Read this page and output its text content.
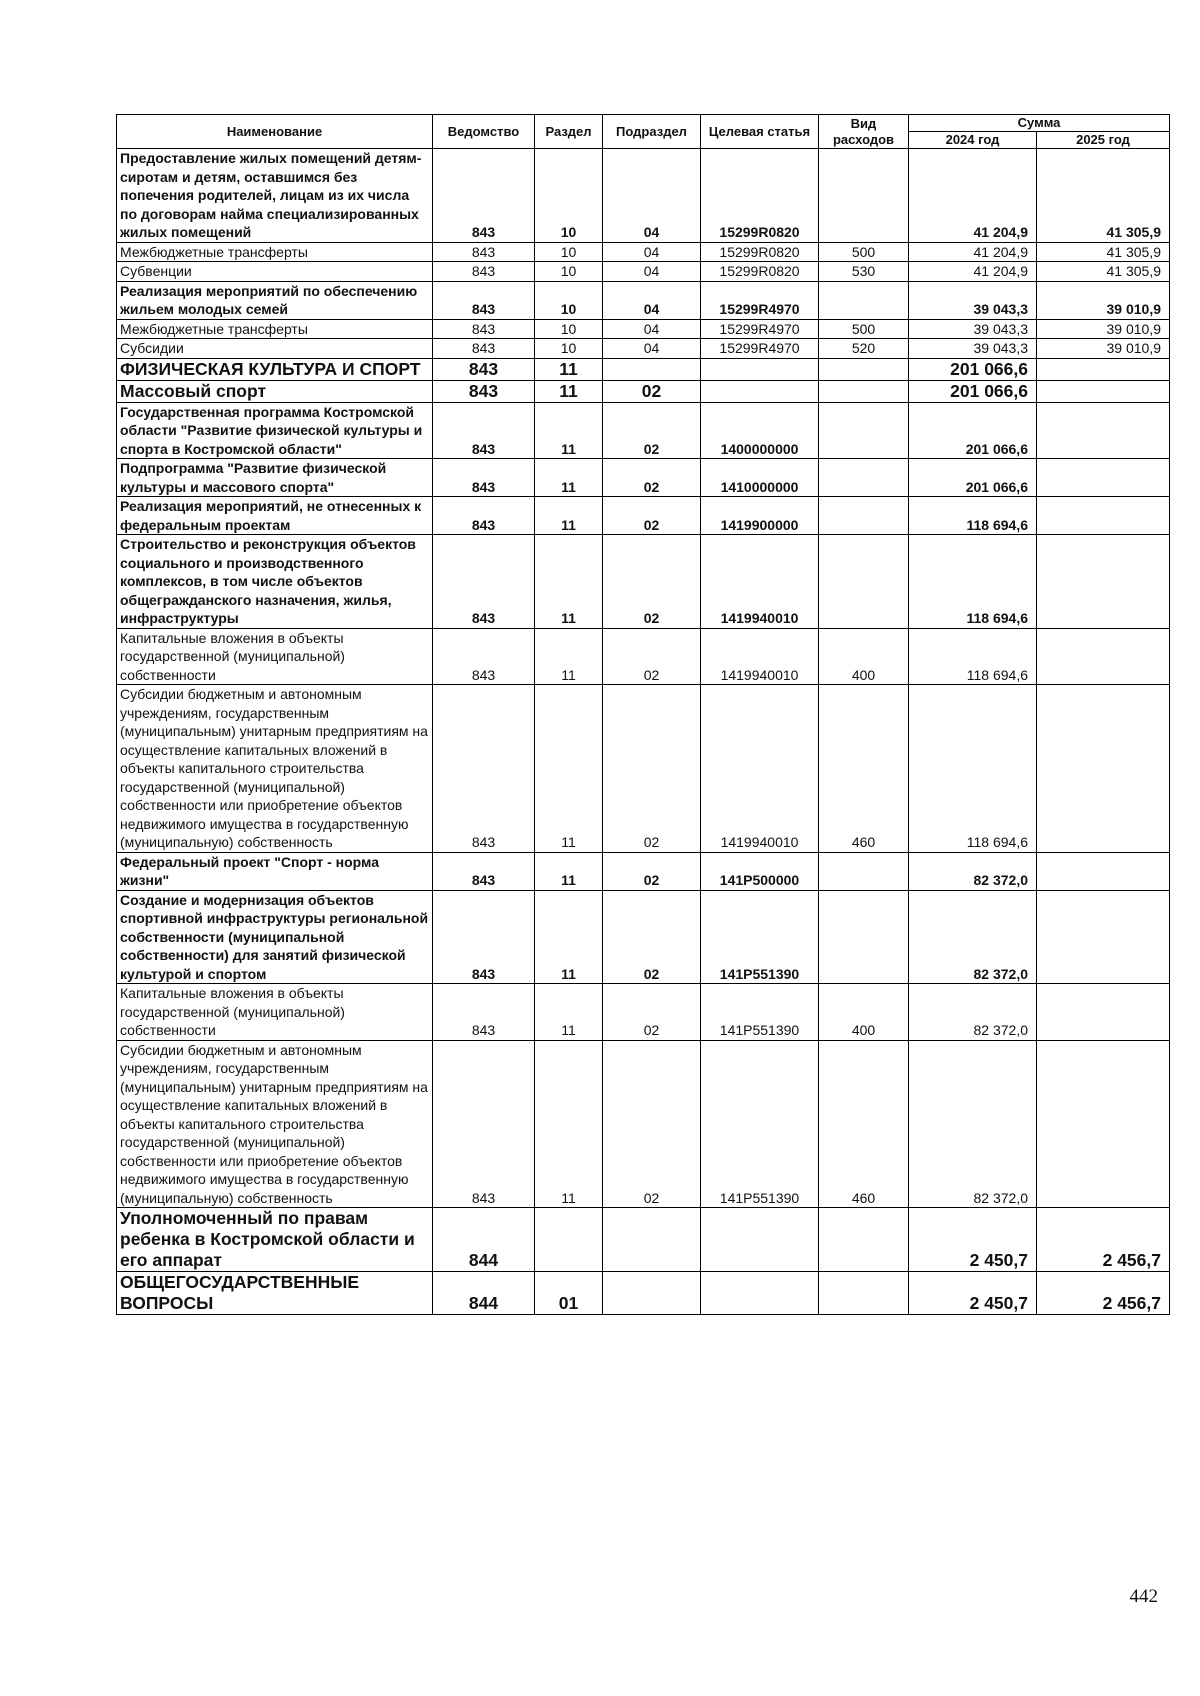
Наименование	Ведомство	Раздел	Подраздел	Целевая статья	Вид расходов	Сумма	
						2024 год	2025 год
Предоставление жилых помещений детям-сиротам и детям, оставшимся без попечения родителей, лицам из их числа по договорам найма специализированных жилых помещений	843	10	04	15299R0820		41 204,9	41 305,9
Межбюджетные трансферты	843	10	04	15299R0820	500	41 204,9	41 305,9
Субвенции	843	10	04	15299R0820	530	41 204,9	41 305,9
Реализация мероприятий по обеспечению жильем молодых семей	843	10	04	15299R4970		39 043,3	39 010,9
Межбюджетные трансферты	843	10	04	15299R4970	500	39 043,3	39 010,9
Субсидии	843	10	04	15299R4970	520	39 043,3	39 010,9
ФИЗИЧЕСКАЯ КУЛЬТУРА И СПОРТ	843	11				201 066,6	
Массовый спорт	843	11	02			201 066,6	
Государственная программа Костромской области "Развитие физической культуры и спорта в Костромской области"	843	11	02	1400000000		201 066,6	
Подпрограмма "Развитие физической культуры и массового спорта"	843	11	02	1410000000		201 066,6	
Реализация мероприятий, не отнесенных к федеральным проектам	843	11	02	1419900000		118 694,6	
Строительство и реконструкция объектов социального и производственного комплексов, в том числе объектов общегражданского назначения, жилья, инфраструктуры	843	11	02	1419940010		118 694,6	
Капитальные вложения в объекты государственной (муниципальной) собственности	843	11	02	1419940010	400	118 694,6	
Субсидии бюджетным и автономным учреждениям, государственным (муниципальным) унитарным предприятиям на осуществление капитальных вложений в объекты капитального строительства государственной (муниципальной) собственности или приобретение объектов недвижимого имущества в государственную (муниципальную) собственность	843	11	02	1419940010	460	118 694,6	
Федеральный проект "Спорт - норма жизни"	843	11	02	141P500000		82 372,0	
Создание и модернизация объектов спортивной инфраструктуры региональной собственности (муниципальной собственности) для занятий физической культурой и спортом	843	11	02	141P551390		82 372,0	
Капитальные вложения в объекты государственной (муниципальной) собственности	843	11	02	141P551390	400	82 372,0	
Субсидии бюджетным и автономным учреждениям, государственным (муниципальным) унитарным предприятиям на осуществление капитальных вложений в объекты капитального строительства государственной (муниципальной) собственности или приобретение объектов недвижимого имущества в государственную (муниципальную) собственность	843	11	02	141P551390	460	82 372,0	
Уполномоченный по правам ребенка в Костромской области и его аппарат	844					2 450,7	2 456,7
ОБЩЕГОСУДАРСТВЕННЫЕ ВОПРОСЫ	844	01				2 450,7	2 456,7
442
